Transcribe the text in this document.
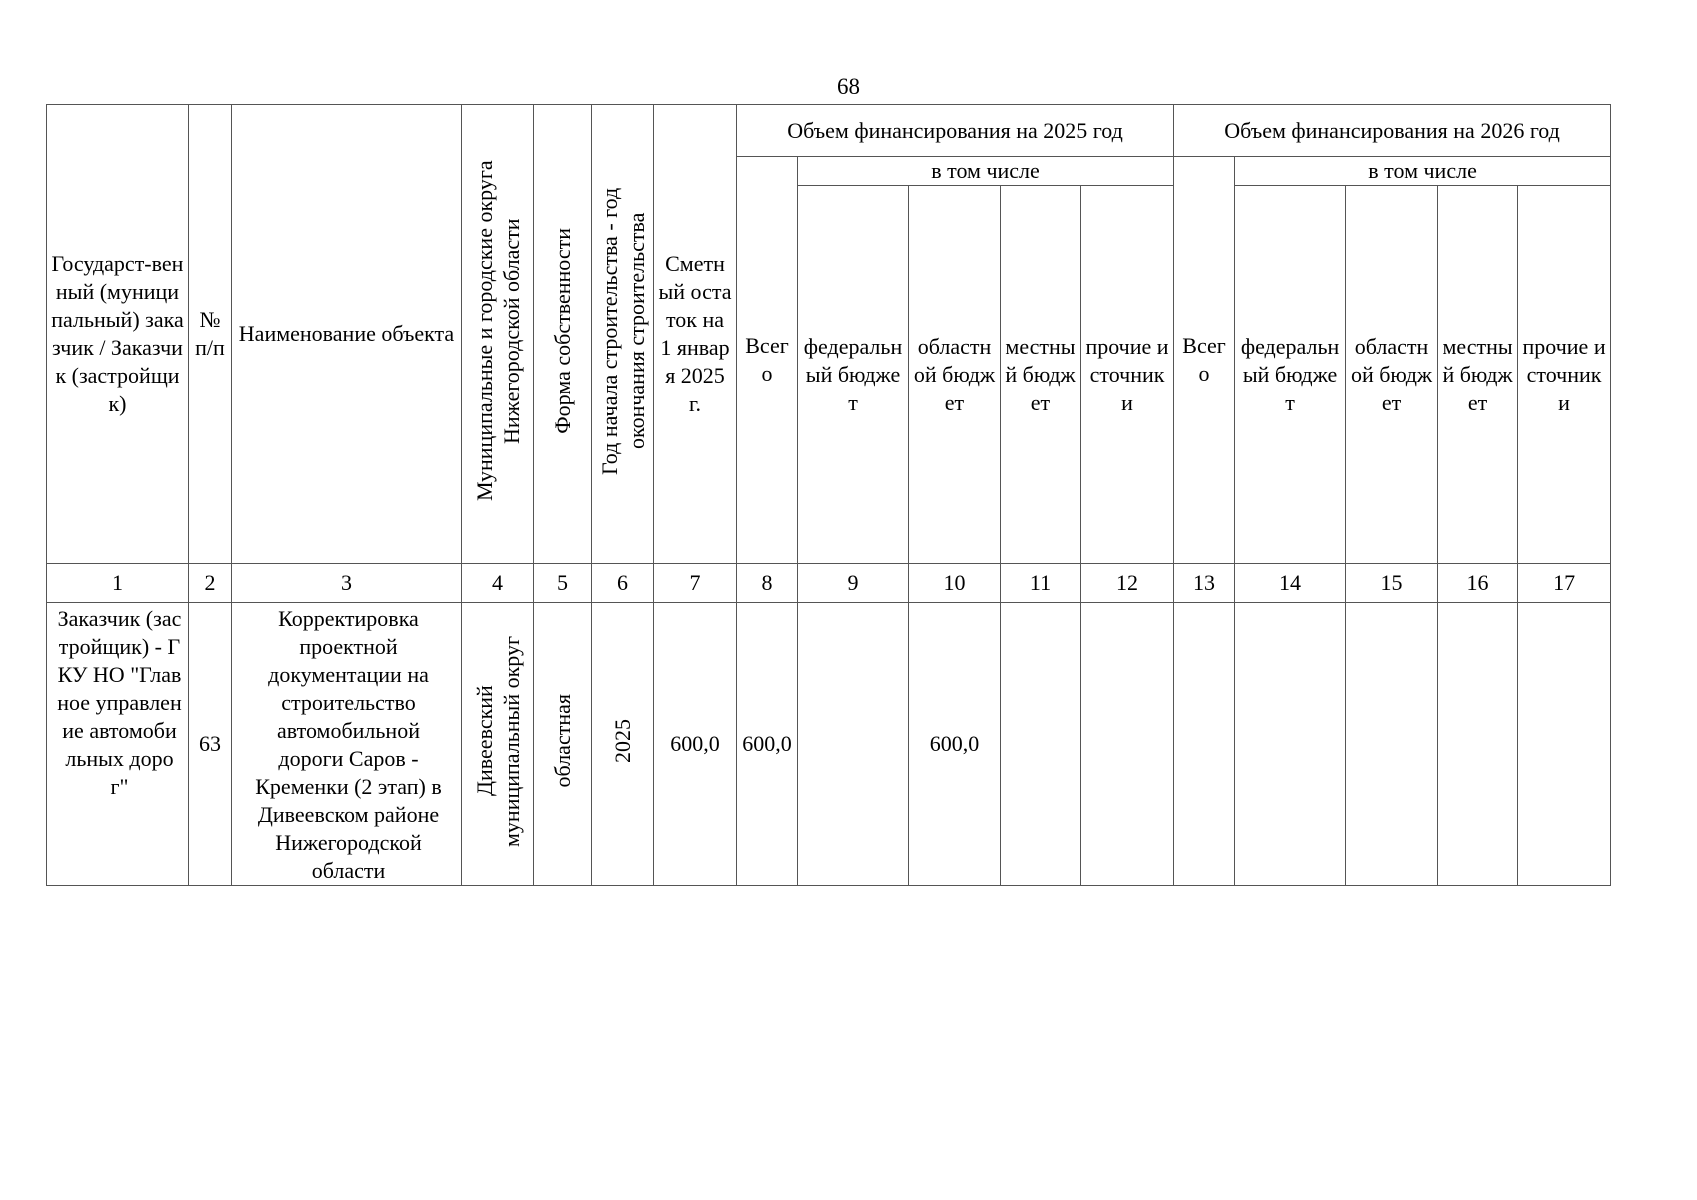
68
Государст-венный (муниципальный) заказчик / Заказчик (застройщик)	№ п/п	Наименование объекта	Муниципальные и городские округа Нижегородской области	Форма собственности	Год начала строительства - год окончания строительства	Сметный остаток на 1 января 2025 г.	Объем финансирования на 2025 год					Объем финансирования на 2026 год				

							Всего	в том числе				Всего	в том числе			

								федеральный бюджет	областной бюджет	местный бюджет	прочие источники		федеральный бюджет	областной бюджет	местный бюджет	прочие источники

1	2	3	4	5	6	7	8	9	10	11	12	13	14	15	16	17

Заказчик (застройщик) - ГКУ НО "Главное управление автомобильных дорог"	63	Корректировка проектной документации на строительство автомобильной дороги Саров - Кременки (2 этап) в Дивеевском районе Нижегородской области	Дивеевский муниципальный округ	областная	2025	600,0	600,0		600,0							
